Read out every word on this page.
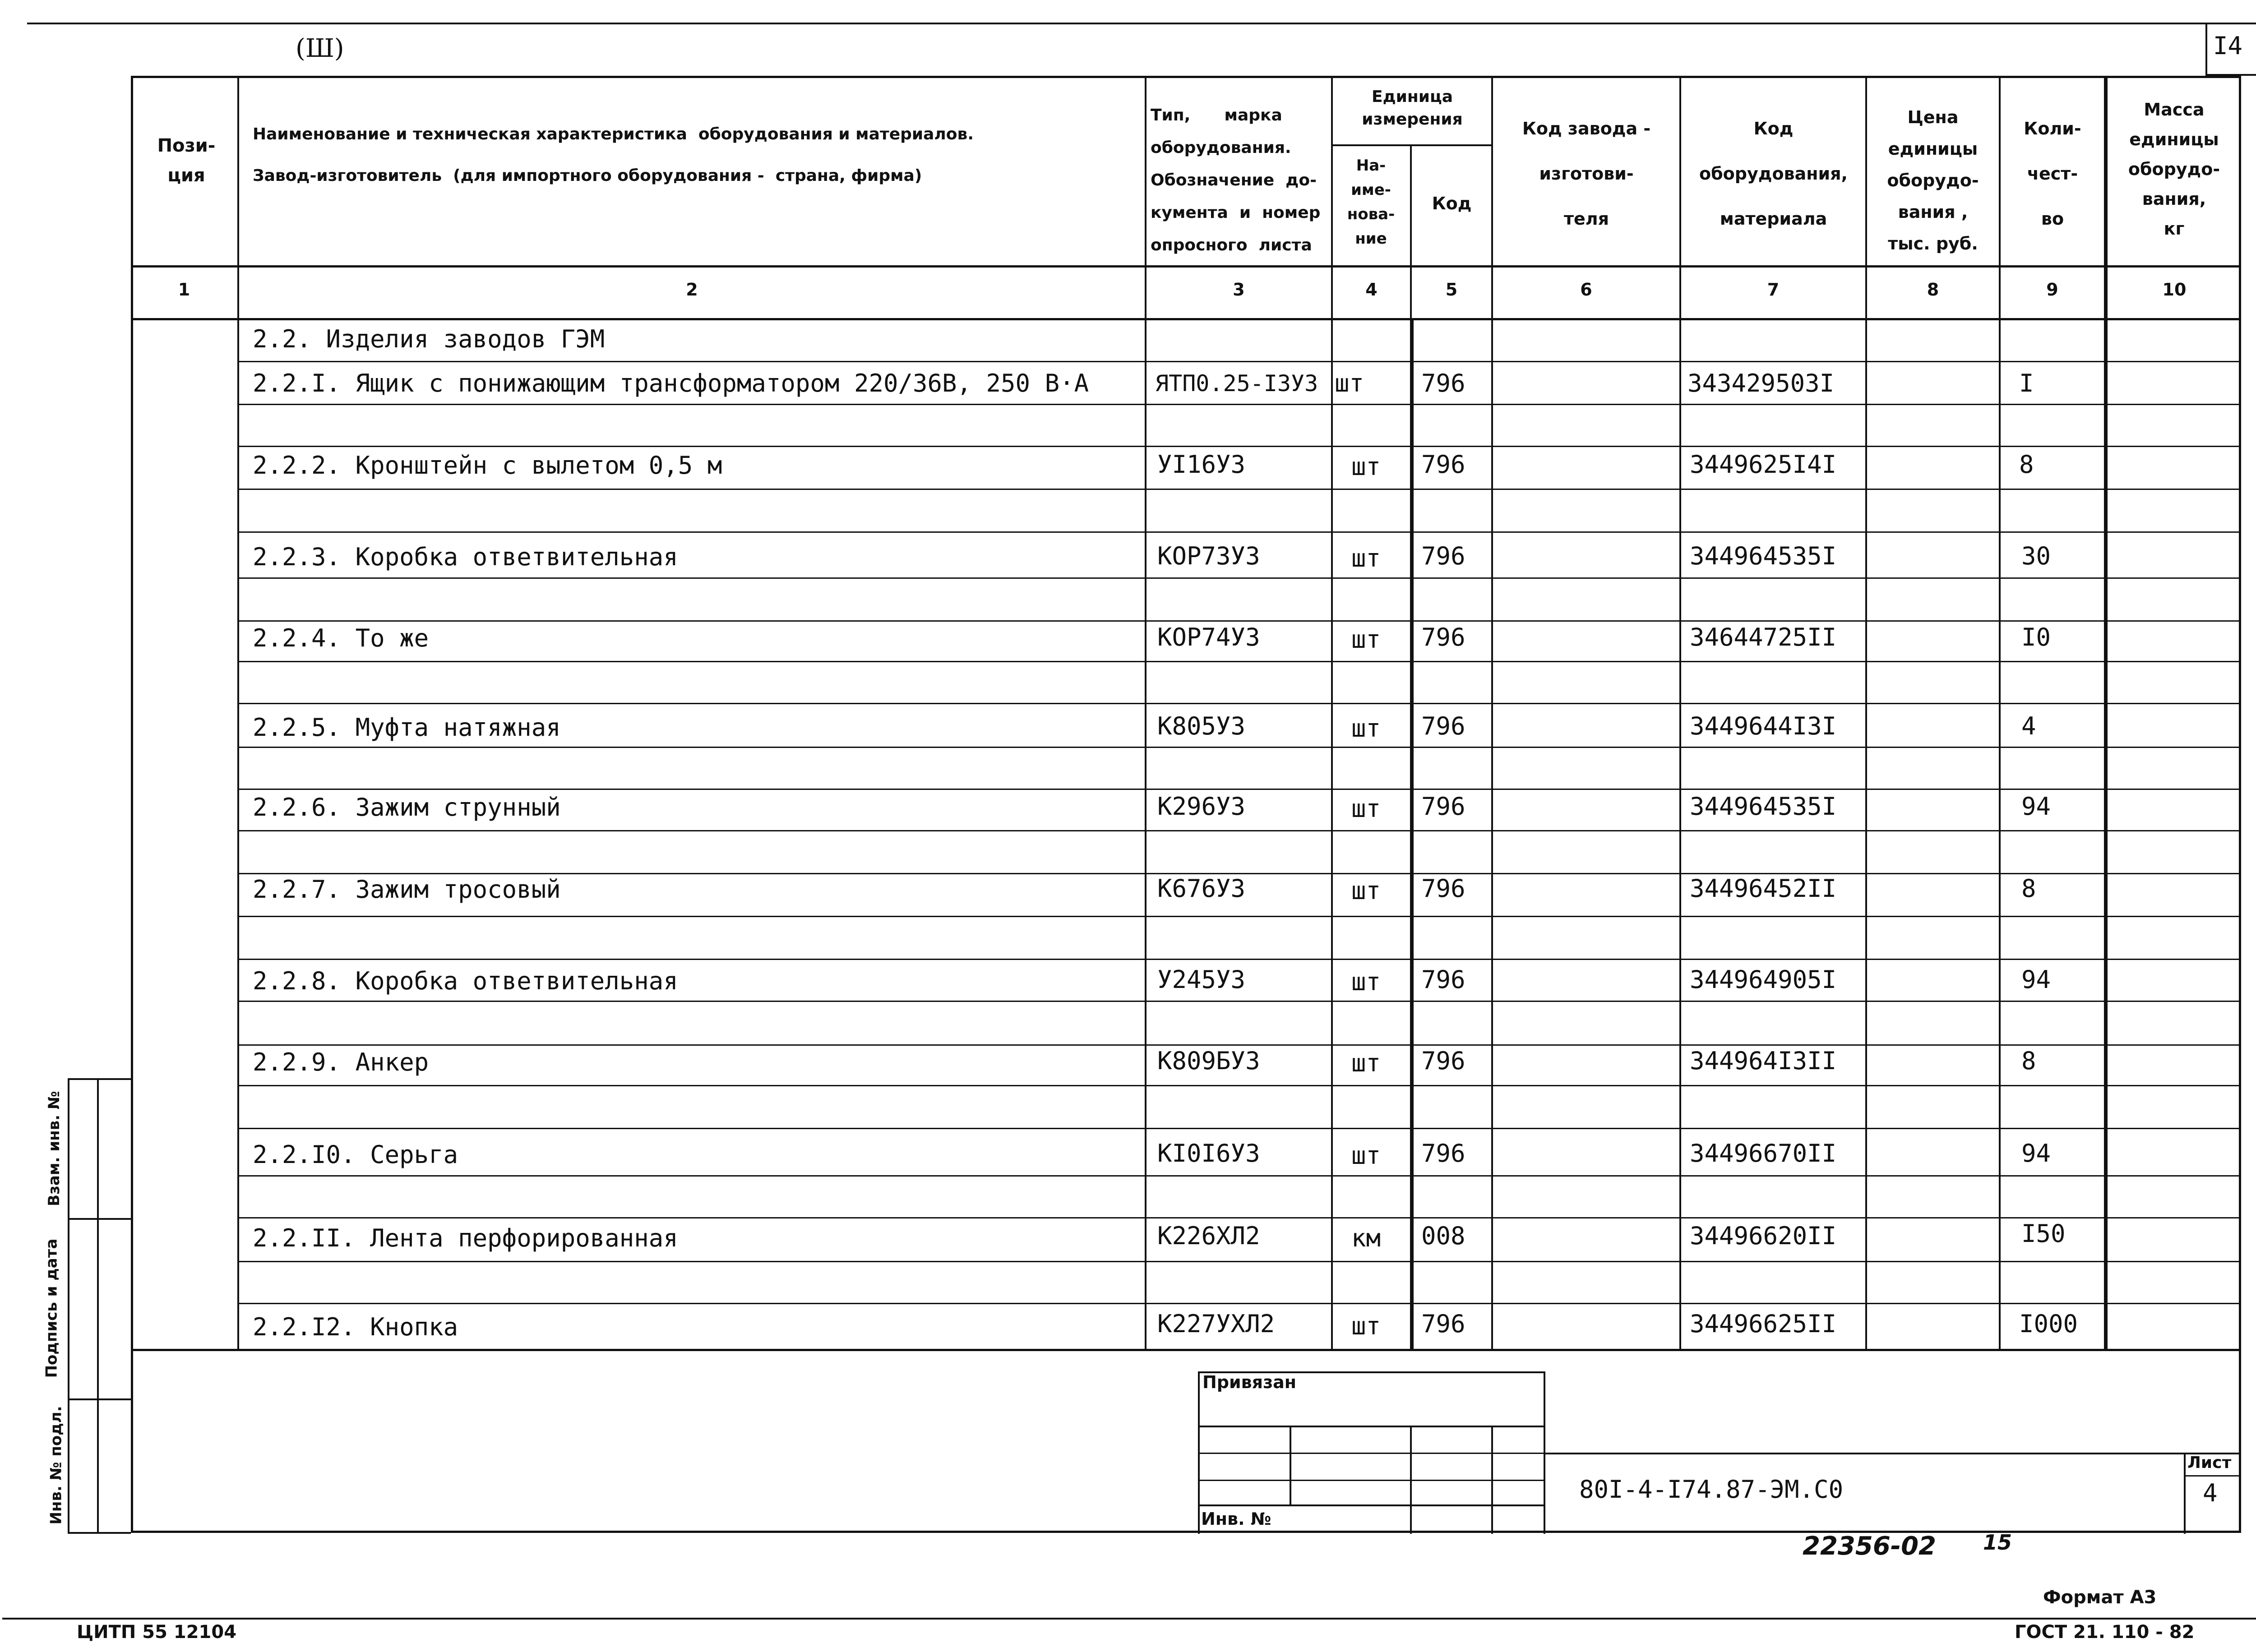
(Ш)	I4
Пози-
ция
Наименование и техническая характеристика  оборудования и материалов.

Завод-изготовитель  (для импортного оборудования -  страна, фирма)
Тип,      марка
оборудования.
Обозначение  до-
кумента  и  номер
опросного  листа
Единица
измерения
На-
име-
нова-
ние
Код
Код завода -

изготови-

теля
Код

оборудования,

материала
Цена
единицы
оборудо-
вания ,
тыс. руб.
Коли-

чест-

во
Масса
единицы
оборудо-
вания,
кг
1	2	3	4	5	6	7	8	9	10
2.2. Изделия заводов ГЭМ
2.2.I. Ящик с понижающим трансформатором 220/36В, 250 В·А	ЯТП0.25-I3У3 шт 796	343429503I	I
2.2.2. Кронштейн с вылетом 0,5 м	УI16У3	шт 796	3449625I4I	8
2.2.3. Коробка ответвительная	КОР73У3	шт 796	344964535I	30
2.2.4. То же	КОР74У3	шт 796	34644725II	I0
2.2.5. Муфта натяжная	К805У3	шт 796	3449644I3I	4
2.2.6. Зажим струнный	К296У3	шт 796	344964535I	94
2.2.7. Зажим тросовый	К676У3	шт 796	34496452II	8
2.2.8. Коробка ответвительная	У245У3	шт 796	344964905I	94
2.2.9. Анкер	К809БУ3	шт 796	344964I3II	8
2.2.I0. Серьга	КI0I6У3	шт 796	34496670II	94
2.2.II. Лента перфорированная	К226ХЛ2	км 008	34496620II	I50
2.2.I2. Кнопка	К227УХЛ2	шт 796	34496625II	I000
Привязан
Инв. №
80I-4-I74.87-ЭМ.С0
Лист
4
Взам. инв. №
Подпись и дата
Инв. № подл.
22356-02 15
Формат А3
ЦИТП 55 12104	ГОСТ 21. 110 - 82
